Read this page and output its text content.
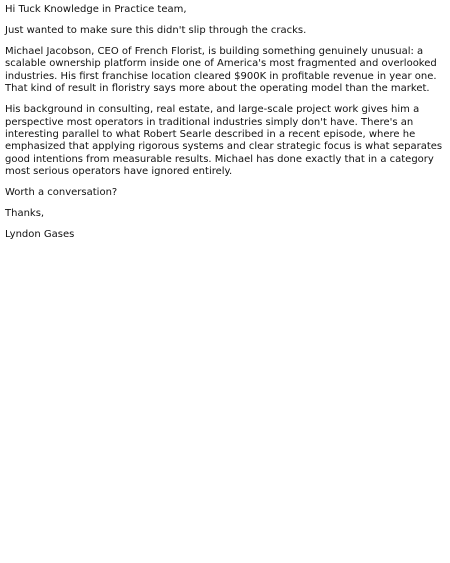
Hi Tuck Knowledge in Practice team,

Just wanted to make sure this didn't slip through the cracks.

Michael Jacobson, CEO of French Florist, is building something genuinely unusual: a scalable ownership platform inside one of America's most fragmented and overlooked industries. His first franchise location cleared $900K in profitable revenue in year one. That kind of result in floristry says more about the operating model than the market.

His background in consulting, real estate, and large-scale project work gives him a perspective most operators in traditional industries simply don't have. There's an interesting parallel to what Robert Searle described in a recent episode, where he emphasized that applying rigorous systems and clear strategic focus is what separates good intentions from measurable results. Michael has done exactly that in a category most serious operators have ignored entirely.

Worth a conversation?

Thanks,

Lyndon Gases
